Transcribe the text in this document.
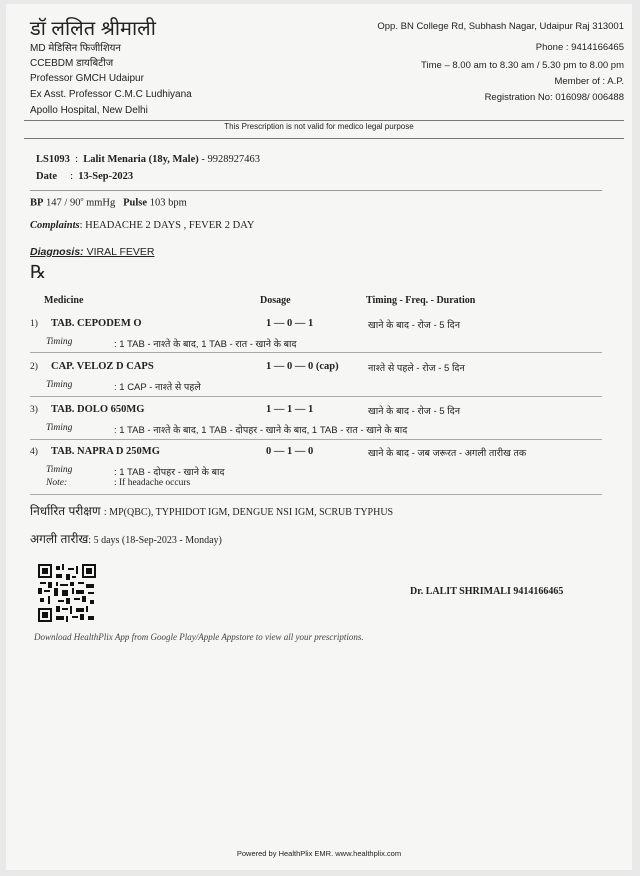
डॉ ललित श्रीमाली
MD मेडिसिन फिजीशियन
CCEBDM डायबिटीज
Professor GMCH Udaipur
Ex Asst. Professor C.M.C Ludhiyana
Apollo Hospital, New Delhi
Opp. BN College Rd, Subhash Nagar, Udaipur Raj 313001
Phone : 9414166465
Time – 8.00 am to 8.30 am / 5.30 pm to 8.00 pm
Member of : A.P.
Registration No: 016098/ 006488
This Prescription is not valid for medico legal purpose
LS1093  :  Lalit Menaria (18y, Male) - 9928927463
Date     :  13-Sep-2023
BP 147 / 90$^o$ mmHg Pulse 103 bpm
Complaints: HEADACHE 2 DAYS , FEVER 2 DAY
Diagnosis: VIRAL FEVER
℞
Medicine	Dosage	Timing - Freq. - Duration
1) TAB. CEPODEM O	1 — 0 — 1	खाने के बाद - रोज - 5 दिन
Timing	: 1 TAB - नाश्ते के बाद, 1 TAB - रात - खाने के बाद
2) CAP. VELOZ D CAPS	1 — 0 — 0 (cap)	नाश्ते से पहले - रोज - 5 दिन
Timing	: 1 CAP - नाश्ते से पहले
3) TAB. DOLO 650MG	1 — 1 — 1	खाने के बाद - रोज - 5 दिन
Timing	: 1 TAB - नाश्ते के बाद, 1 TAB - दोपहर - खाने के बाद, 1 TAB - रात - खाने के बाद
4) TAB. NAPRA D 250MG	0 — 1 — 0	खाने के बाद - जब जरूरत - अगली तारीख तक
Timing	: 1 TAB - दोपहर - खाने के बाद
Note:	: If headache occurs
निर्धारित परीक्षण : MP(QBC), TYPHIDOT IGM, DENGUE NSI IGM, SCRUB TYPHUS
अगली तारीख: 5 days (18-Sep-2023 - Monday)
Dr. LALIT SHRIMALI 9414166465
Download HealthPlix App from Google Play/Apple Appstore to view all your prescriptions.
Powered by HealthPlix EMR. www.healthplix.com
